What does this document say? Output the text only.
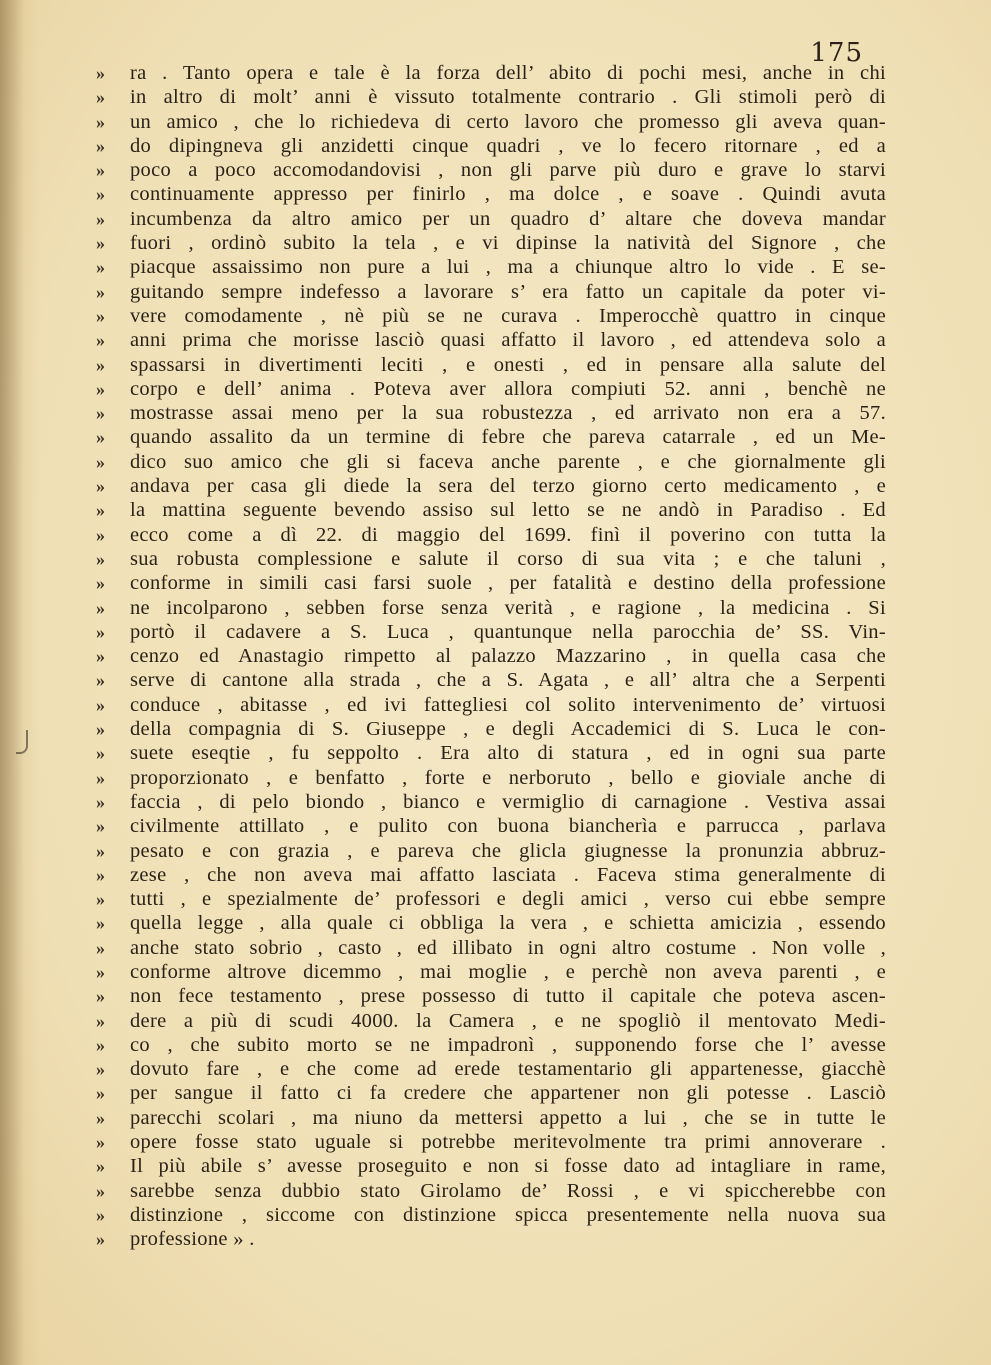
175
»	ra . Tanto opera e tale è la forza dell’ abito di pochi mesi, anche in chi
»	in altro di molt’ anni è vissuto totalmente contrario . Gli stimoli però di
»	un amico , che lo richiedeva di certo lavoro che promesso gli aveva quan-
»	do dipingneva gli anzidetti cinque quadri , ve lo fecero ritornare , ed a
»	poco a poco accomodandovisi , non gli parve più duro e grave lo starvi
»	continuamente appresso per finirlo , ma dolce , e soave . Quindi avuta
»	incumbenza da altro amico per un quadro d’ altare che doveva mandar
»	fuori , ordinò subito la tela , e vi dipinse la natività del Signore , che
»	piacque assaissimo non pure a lui , ma a chiunque altro lo vide . E se-
»	guitando sempre indefesso a lavorare s’ era fatto un capitale da poter vi-
»	vere comodamente , nè più se ne curava . Imperocchè quattro in cinque
»	anni prima che morisse lasciò quasi affatto il lavoro , ed attendeva solo a
»	spassarsi in divertimenti leciti , e onesti , ed in pensare alla salute del
»	corpo e dell’ anima . Poteva aver allora compiuti 52. anni , benchè ne
»	mostrasse assai meno per la sua robustezza , ed arrivato non era a 57.
»	quando assalito da un termine di febre che pareva catarrale , ed un Me-
»	dico suo amico che gli si faceva anche parente , e che giornalmente gli
»	andava per casa gli diede la sera del terzo giorno certo medicamento , e
»	la mattina seguente bevendo assiso sul letto se ne andò in Paradiso . Ed
»	ecco come a dì 22. di maggio del 1699. finì il poverino con tutta la
»	sua robusta complessione e salute il corso di sua vita ; e che taluni ,
»	conforme in simili casi farsi suole , per fatalità e destino della professione
»	ne incolparono , sebben forse senza verità , e ragione , la medicina . Si
»	portò il cadavere a S. Luca , quantunque nella parocchia de’ SS. Vin-
»	cenzo ed Anastagio rimpetto al palazzo Mazzarino , in quella casa che
»	serve di cantone alla strada , che a S. Agata , e all’ altra che a Serpenti
»	conduce , abitasse , ed ivi fattegliesi col solito intervenimento de’ virtuosi
»	della compagnia di S. Giuseppe , e degli Accademici di S. Luca le con-
»	suete eseqtie , fu seppolto . Era alto di statura , ed in ogni sua parte
»	proporzionato , e benfatto , forte e nerboruto , bello e gioviale anche di
»	faccia , di pelo biondo , bianco e vermiglio di carnagione . Vestiva assai
»	civilmente attillato , e pulito con buona biancherìa e parrucca , parlava
»	pesato e con grazia , e pareva che glicla giugnesse la pronunzia abbruz-
»	zese , che non aveva mai affatto lasciata . Faceva stima generalmente di
»	tutti , e spezialmente de’ professori e degli amici , verso cui ebbe sempre
»	quella legge , alla quale ci obbliga la vera , e schietta amicizia , essendo
»	anche stato sobrio , casto , ed illibato in ogni altro costume . Non volle ,
»	conforme altrove dicemmo , mai moglie , e perchè non aveva parenti , e
»	non fece testamento , prese possesso di tutto il capitale che poteva ascen-
»	dere a più di scudi 4000. la Camera , e ne spogliò il mentovato Medi-
»	co , che subito morto se ne impadronì , supponendo forse che l’ avesse
»	dovuto fare , e che come ad erede testamentario gli appartenesse, giacchè
»	per sangue il fatto ci fa credere che appartener non gli potesse . Lasciò
»	parecchi scolari , ma niuno da mettersi appetto a lui , che se in tutte le
»	opere fosse stato uguale si potrebbe meritevolmente tra primi annoverare .
»	Il più abile s’ avesse proseguito e non si fosse dato ad intagliare in rame,
»	sarebbe senza dubbio stato Girolamo de’ Rossi , e vi spiccherebbe con
»	distinzione , siccome con distinzione spicca presentemente nella nuova sua
»	professione » .
